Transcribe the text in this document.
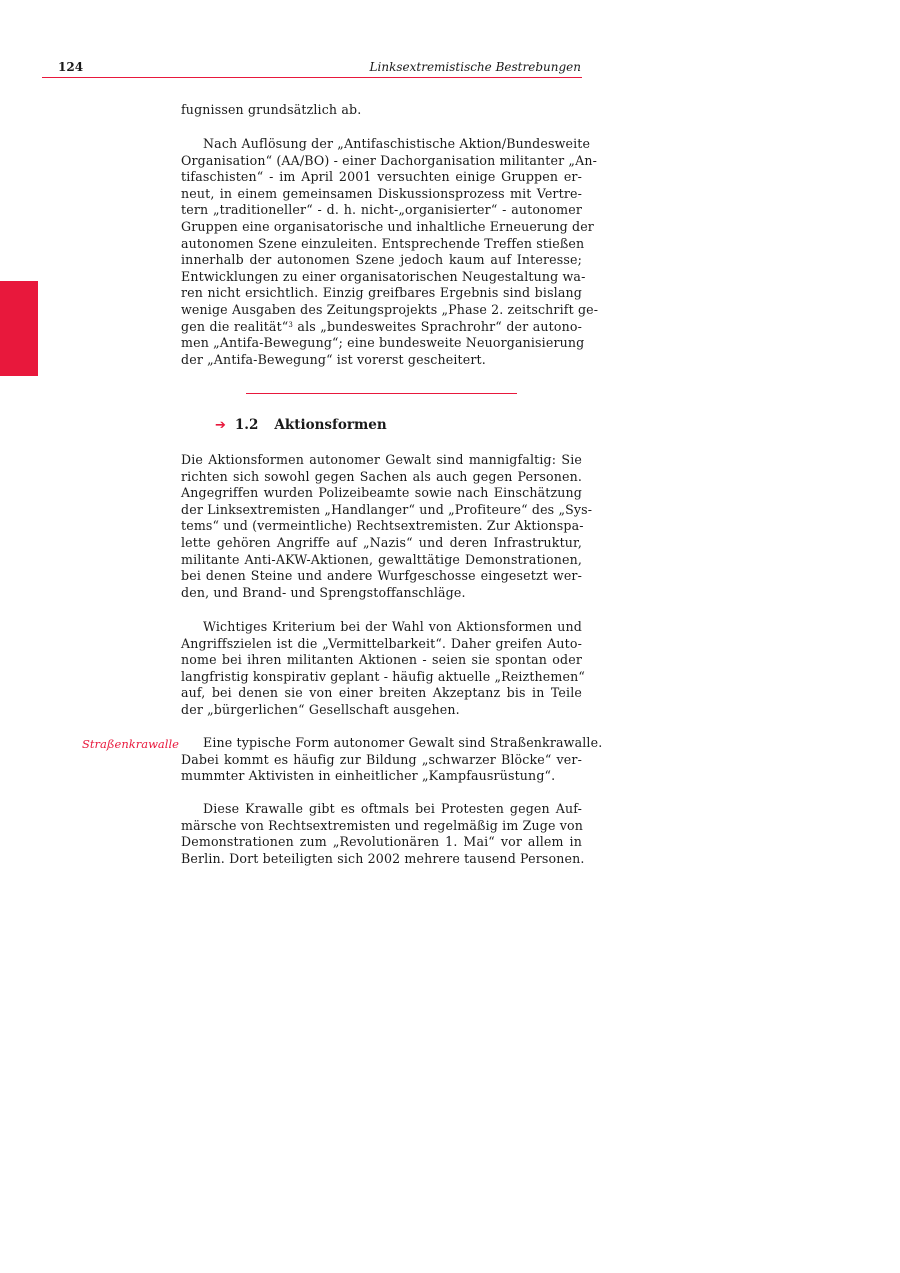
124	Linksextremistische Bestrebungen
fugnissen grundsätzlich ab.
Nach Auflösung der „Antifaschistische Aktion/Bundesweite
Organisation“ (AA/BO) - einer Dachorganisation militanter „An-
tifaschisten“ - im April 2001 versuchten einige Gruppen er-
neut, in einem gemeinsamen Diskussionsprozess mit Vertre-
tern „traditioneller“ - d. h. nicht-„organisierter“ - autonomer
Gruppen eine organisatorische und inhaltliche Erneuerung der
autonomen Szene einzuleiten. Entsprechende Treffen stießen
innerhalb der autonomen Szene jedoch kaum auf Interesse;
Entwicklungen zu einer organisatorischen Neugestaltung wa-
ren nicht ersichtlich. Einzig greifbares Ergebnis sind bislang
wenige Ausgaben des Zeitungsprojekts „Phase 2. zeitschrift ge-
gen die realität“$^3$ als „bundesweites Sprachrohr“ der autono-
men „Antifa-Bewegung“; eine bundesweite Neuorganisierung
der „Antifa-Bewegung“ ist vorerst gescheitert.
➔ 1.2 Aktionsformen
Die Aktionsformen autonomer Gewalt sind mannigfaltig: Sie
richten sich sowohl gegen Sachen als auch gegen Personen.
Angegriffen wurden Polizeibeamte sowie nach Einschätzung
der Linksextremisten „Handlanger“ und „Profiteure“ des „Sys-
tems“ und (vermeintliche) Rechtsextremisten. Zur Aktionspa-
lette gehören Angriffe auf „Nazis“ und deren Infrastruktur,
militante Anti-AKW-Aktionen, gewalttätige Demonstrationen,
bei denen Steine und andere Wurfgeschosse eingesetzt wer-
den, und Brand- und Sprengstoffanschläge.
Wichtiges Kriterium bei der Wahl von Aktionsformen und
Angriffszielen ist die „Vermittelbarkeit“. Daher greifen Auto-
nome bei ihren militanten Aktionen - seien sie spontan oder
langfristig konspirativ geplant - häufig aktuelle „Reizthemen“
auf, bei denen sie von einer breiten Akzeptanz bis in Teile
der „bürgerlichen“ Gesellschaft ausgehen.
Straßenkrawalle	Eine typische Form autonomer Gewalt sind Straßenkrawalle.
Dabei kommt es häufig zur Bildung „schwarzer Blöcke“ ver-
mummter Aktivisten in einheitlicher „Kampfausrüstung“.
Diese Krawalle gibt es oftmals bei Protesten gegen Auf-
märsche von Rechtsextremisten und regelmäßig im Zuge von
Demonstrationen zum „Revolutionären 1. Mai“ vor allem in
Berlin. Dort beteiligten sich 2002 mehrere tausend Personen.
